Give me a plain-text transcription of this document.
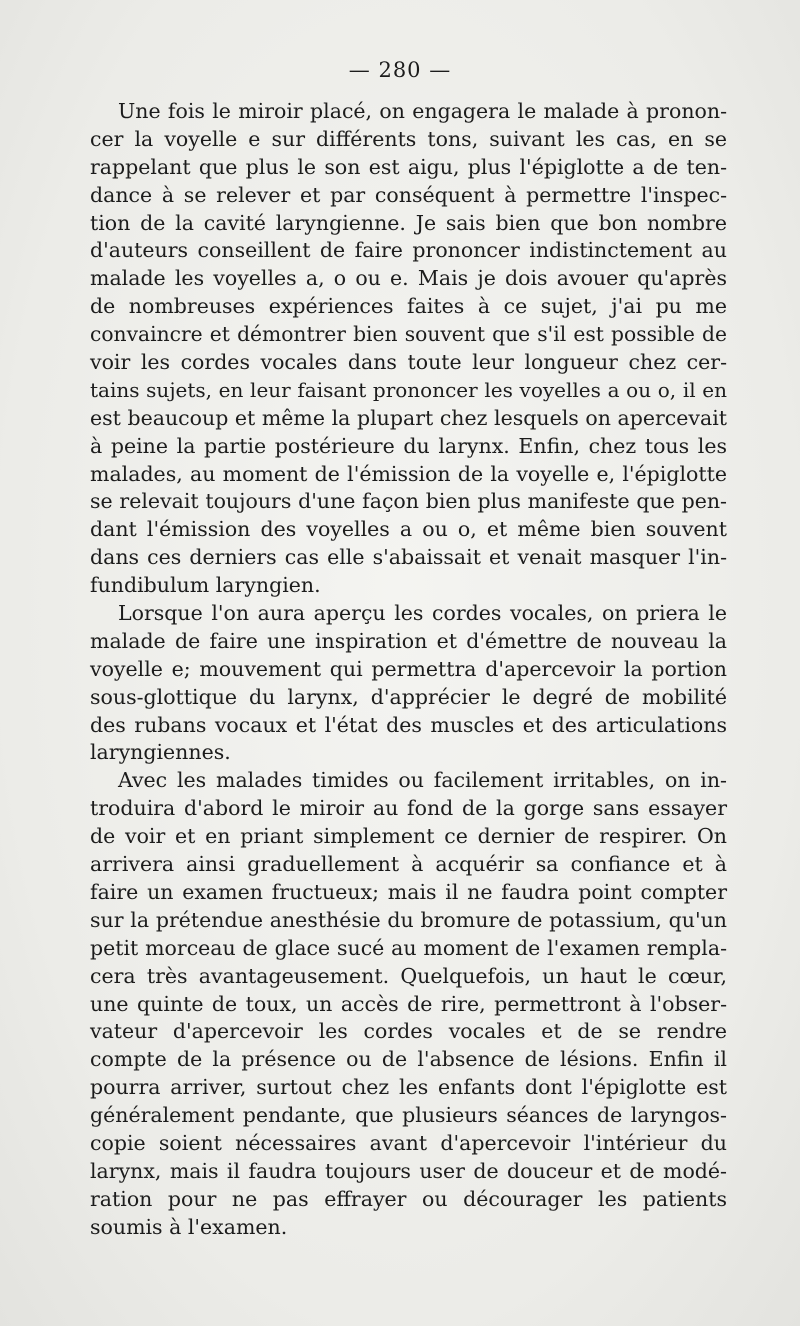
— 280 —
Une fois le miroir placé, on engagera le malade à pronon-
cer la voyelle e sur différents tons, suivant les cas, en se
rappelant que plus le son est aigu, plus l'épiglotte a de ten-
dance à se relever et par conséquent à permettre l'inspec-
tion de la cavité laryngienne. Je sais bien que bon nombre
d'auteurs conseillent de faire prononcer indistinctement au
malade les voyelles a, o ou e. Mais je dois avouer qu'après
de nombreuses expériences faites à ce sujet, j'ai pu me
convaincre et démontrer bien souvent que s'il est possible de
voir les cordes vocales dans toute leur longueur chez cer-
tains sujets, en leur faisant prononcer les voyelles a ou o, il en
est beaucoup et même la plupart chez lesquels on apercevait
à peine la partie postérieure du larynx. Enfin, chez tous les
malades, au moment de l'émission de la voyelle e, l'épiglotte
se relevait toujours d'une façon bien plus manifeste que pen-
dant l'émission des voyelles a ou o, et même bien souvent
dans ces derniers cas elle s'abaissait et venait masquer l'in-
fundibulum laryngien.
Lorsque l'on aura aperçu les cordes vocales, on priera le
malade de faire une inspiration et d'émettre de nouveau la
voyelle e; mouvement qui permettra d'apercevoir la portion
sous-glottique du larynx, d'apprécier le degré de mobilité
des rubans vocaux et l'état des muscles et des articulations
laryngiennes.
Avec les malades timides ou facilement irritables, on in-
troduira d'abord le miroir au fond de la gorge sans essayer
de voir et en priant simplement ce dernier de respirer. On
arrivera ainsi graduellement à acquérir sa confiance et à
faire un examen fructueux; mais il ne faudra point compter
sur la prétendue anesthésie du bromure de potassium, qu'un
petit morceau de glace sucé au moment de l'examen rempla-
cera très avantageusement. Quelquefois, un haut le cœur,
une quinte de toux, un accès de rire, permettront à l'obser-
vateur d'apercevoir les cordes vocales et de se rendre
compte de la présence ou de l'absence de lésions. Enfin il
pourra arriver, surtout chez les enfants dont l'épiglotte est
généralement pendante, que plusieurs séances de laryngos-
copie soient nécessaires avant d'apercevoir l'intérieur du
larynx, mais il faudra toujours user de douceur et de modé-
ration pour ne pas effrayer ou décourager les patients
soumis à l'examen.
